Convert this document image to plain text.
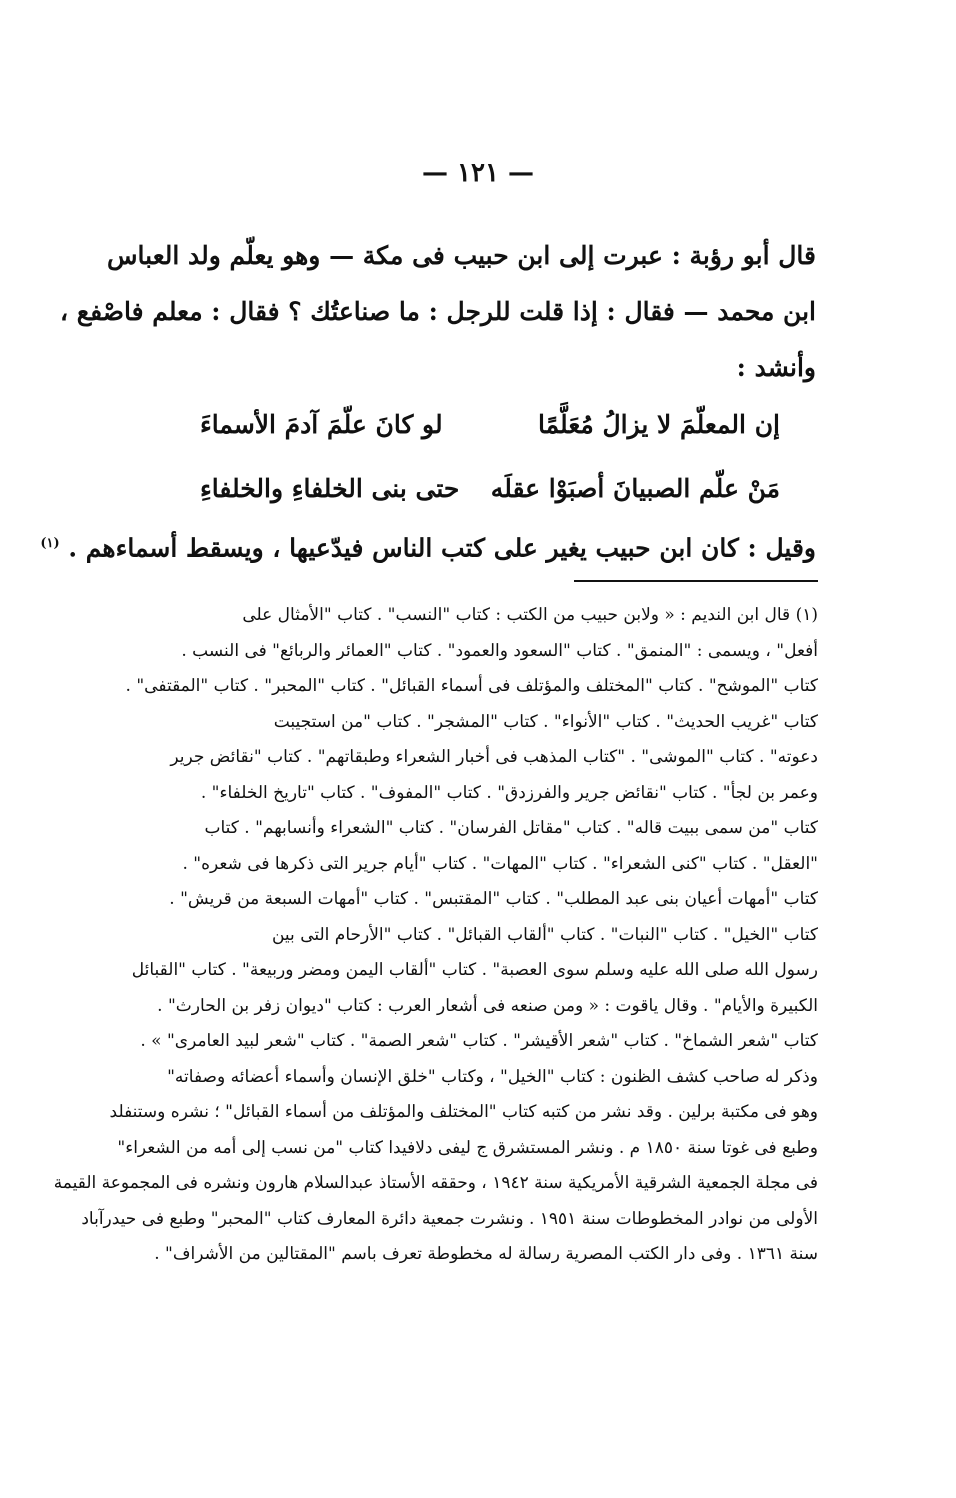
— ١٢١ —
قال أبو رؤبة : عبرت إلى ابن حبيب فى مكة — وهو يعلّم ولد العباس
ابن محمد — فقال : إذا قلت للرجل : ما صناعتُك ؟ فقال : معلم فاصْفع ،
وأنشد :
إن المعلّمَ لا يزالُ مُعَلَّمًا
لو كانَ علّمَ آدمَ الأسماءَ
مَنْ علّم الصبيانَ أصبَوْا عقلَه
حتى بنى الخلفاءِ والخلفاءِ
وقيل : كان ابن حبيب يغير على كتب الناس فيدّعيها ، ويسقط أسماءهم . $^{(١)}$
(١) قال ابن النديم : « ولابن حبيب من الكتب : كتاب "النسب" . كتاب "الأمثال على
أفعل" ، ويسمى : "المنمق" . كتاب "السعود والعمود" . كتاب "العمائر والربائع" فى النسب .
كتاب "الموشح" . كتاب "المختلف والمؤتلف فى أسماء القبائل" . كتاب "المحبر" . كتاب "المقتفى" .
كتاب "غريب الحديث" . كتاب "الأنواء" . كتاب "المشجر" . كتاب "من استجيبت
دعوته" . كتاب "الموشى" . "كتاب المذهب فى أخبار الشعراء وطبقاتهم" . كتاب "نقائض جرير
وعمر بن لجأ" . كتاب "نقائض جرير والفرزدق" . كتاب "المفوف" . كتاب "تاريخ الخلفاء" .
كتاب "من سمى ببيت قاله" . كتاب "مقاتل الفرسان" . كتاب "الشعراء وأنسابهم" . كتاب
"العقل" . كتاب "كنى الشعراء" . كتاب "المهات" . كتاب "أيام جرير التى ذكرها فى شعره" .
كتاب "أمهات أعيان بنى عبد المطلب" . كتاب "المقتبس" . كتاب "أمهات السبعة من قريش" .
كتاب "الخيل" . كتاب "النبات" . كتاب "ألقاب القبائل" . كتاب "الأرحام التى بين
رسول الله صلى الله عليه وسلم سوى العصبة" . كتاب "ألقاب اليمن ومضر وربيعة" . كتاب "القبائل
الكبيرة والأيام" . وقال ياقوت : « ومن صنعه فى أشعار العرب : كتاب "ديوان زفر بن الحارث" .
كتاب "شعر الشماخ" . كتاب "شعر الأقيشر" . كتاب "شعر الصمة" . كتاب "شعر لبيد العامرى" » .
وذكر له صاحب كشف الظنون : كتاب "الخيل" ، وكتاب "خلق الإنسان وأسماء أعضائه وصفاته"
وهو فى مكتبة برلين . وقد نشر من كتبه كتاب "المختلف والمؤتلف من أسماء القبائل" ؛ نشره وستنفلد
وطبع فى غوتا سنة ١٨٥٠ م . ونشر المستشرق ج ليفى دلافيدا كتاب "من نسب إلى أمه من الشعراء"
فى مجلة الجمعية الشرقية الأمريكية سنة ١٩٤٢ ، وحققه الأستاذ عبدالسلام هارون ونشره فى المجموعة القيمة
الأولى من نوادر المخطوطات سنة ١٩٥١ . ونشرت جمعية دائرة المعارف كتاب "المحبر" وطبع فى حيدرآباد
سنة ١٣٦١ . وفى دار الكتب المصرية رسالة له مخطوطة تعرف باسم "المقتالين من الأشراف" .
